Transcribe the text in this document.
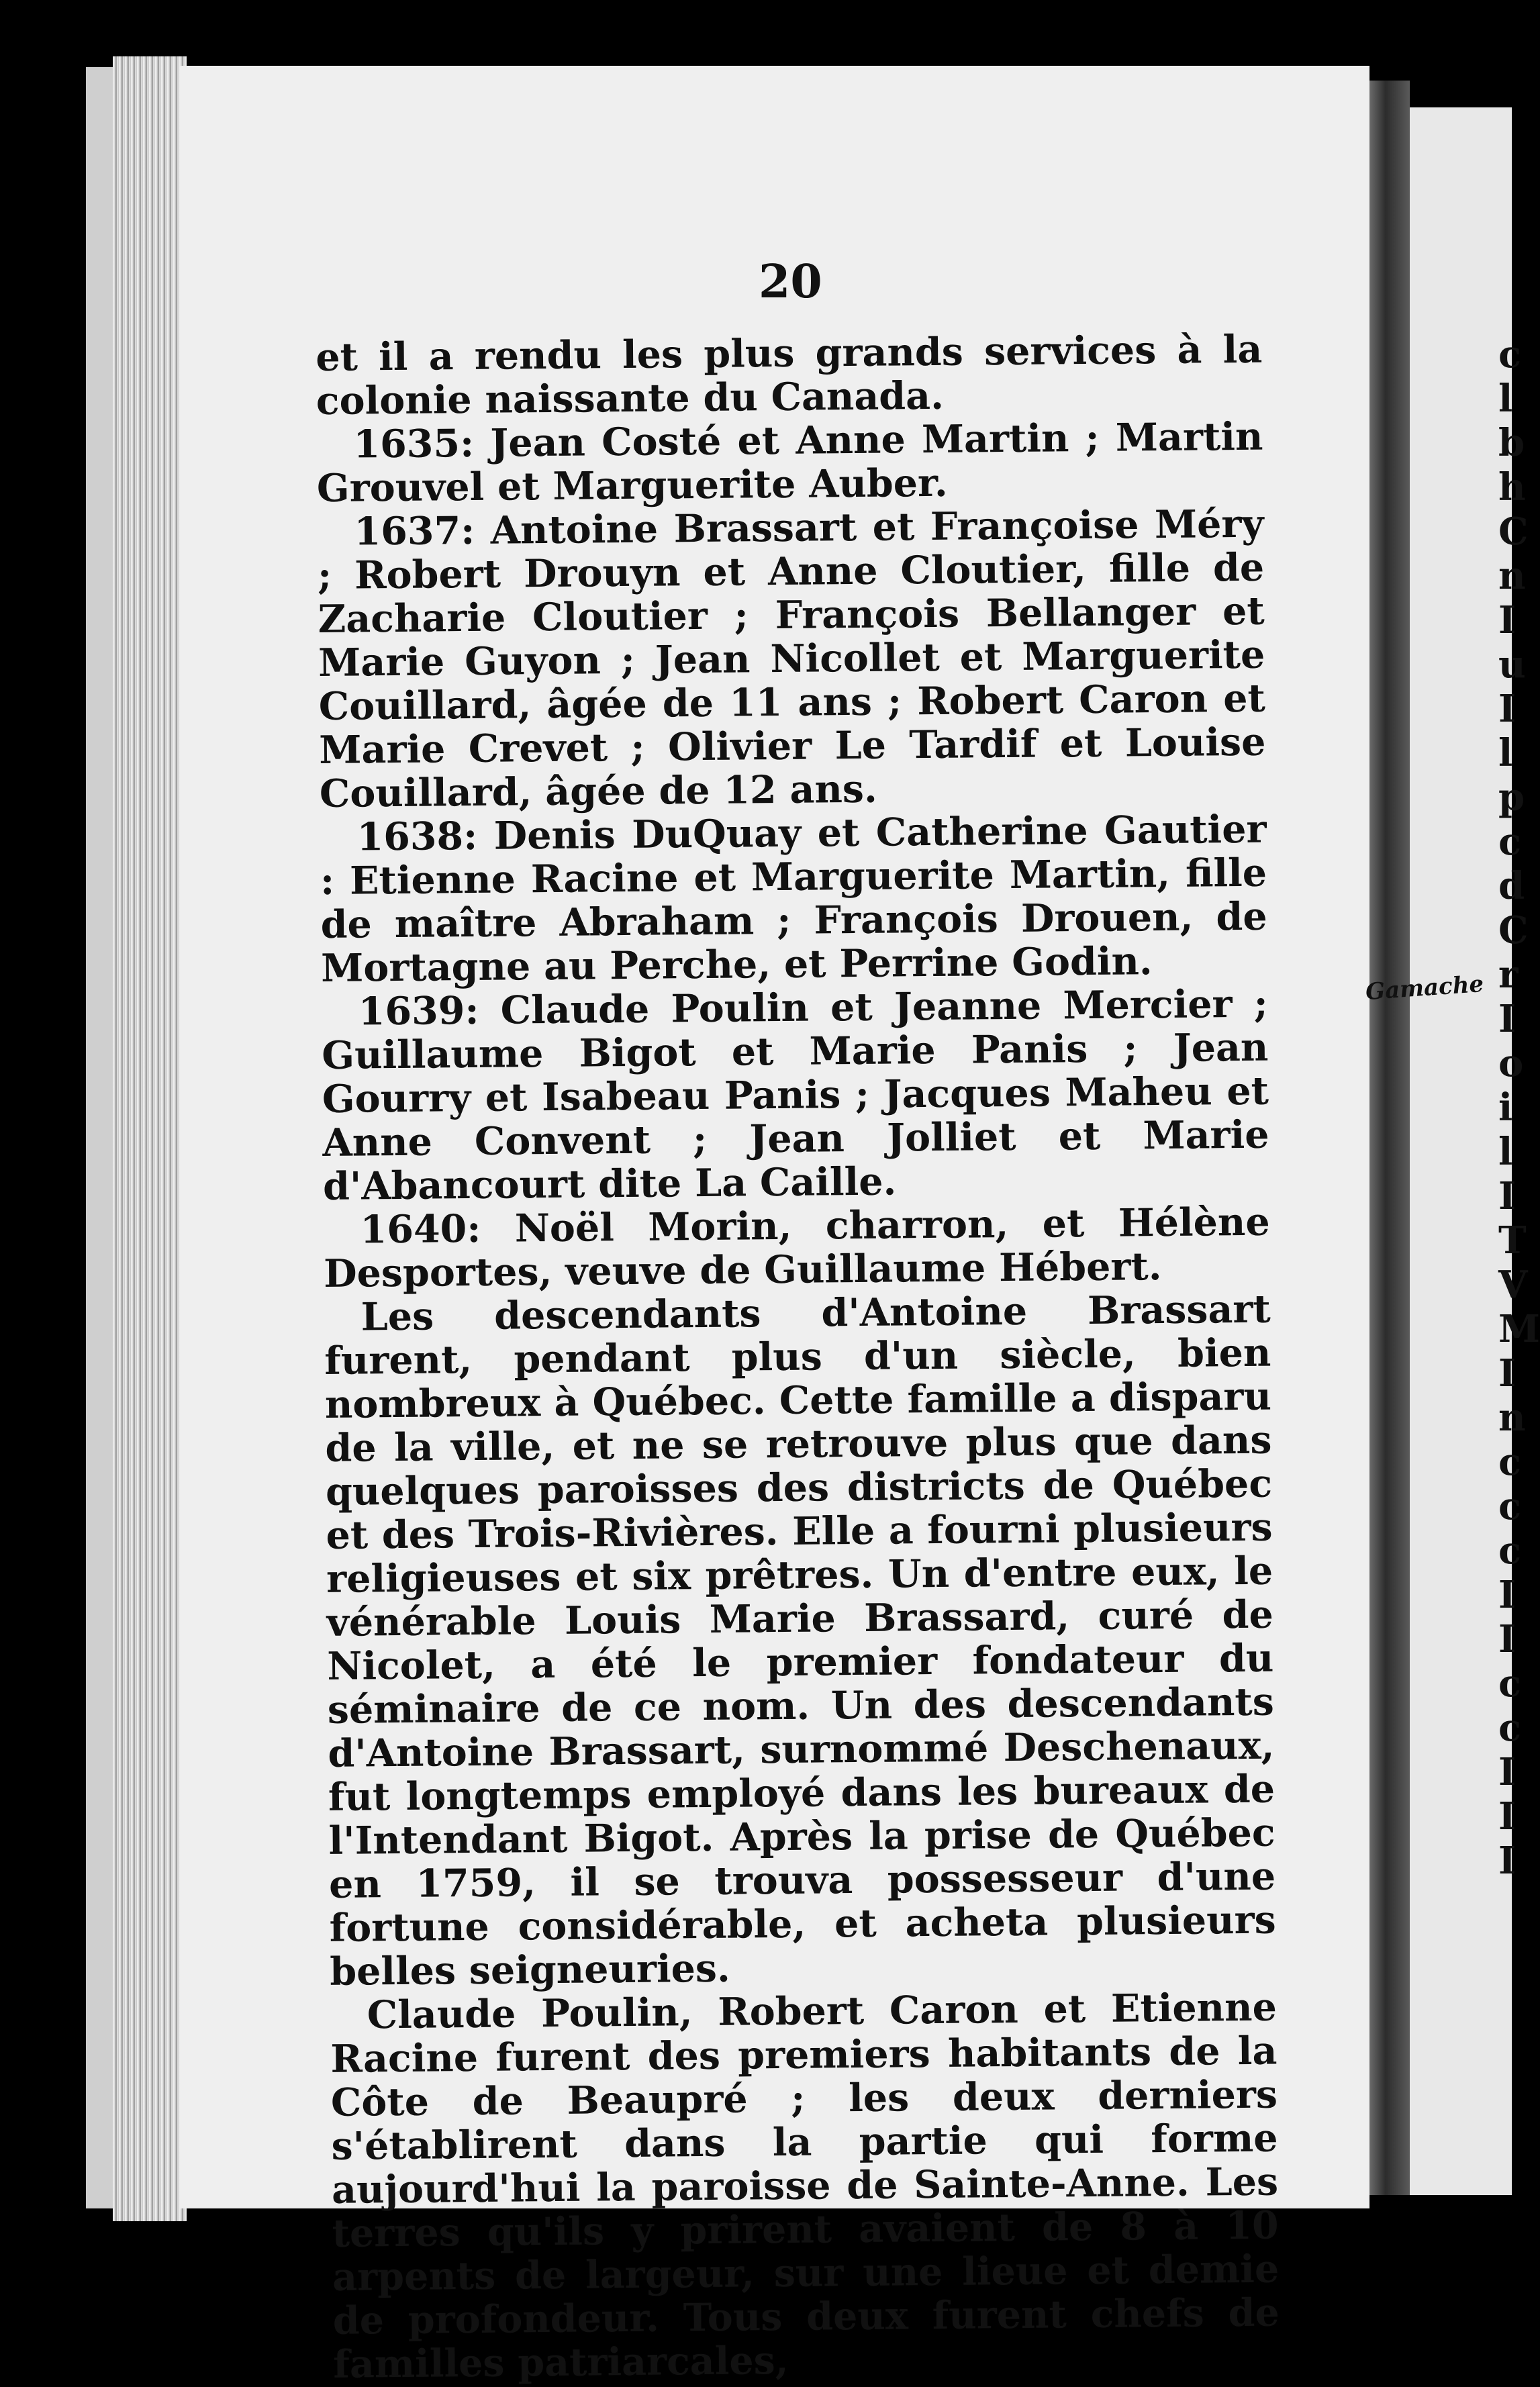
20

et il a rendu les plus grands services à la colonie naissante du Canada.

1635: Jean Costé et Anne Martin ; Martin Grouvel et Marguerite Auber.

1637: Antoine Brassart et Françoise Méry ; Robert Drouyn et Anne Cloutier, fille de Zacharie Cloutier ; François Bellanger et Marie Guyon ; Jean Nicollet et Marguerite Couillard, âgée de 11 ans ; Robert Caron et Marie Crevet ; Olivier Le Tardif et Louise Couillard, âgée de 12 ans.

1638: Denis DuQuay et Catherine Gautier : Etienne Racine et Marguerite Martin, fille de maître Abraham ; François Drouen, de Mortagne au Perche, et Perrine Godin.

1639: Claude Poulin et Jeanne Mercier ; Guillaume Bigot et Marie Panis ; Jean Gourry et Isabeau Panis ; Jacques Maheu et Anne Convent ; Jean Jolliet et Marie d'Abancourt dite La Caille.

1640: Noël Morin, charron, et Hélène Desportes, veuve de Guillaume Hébert.

Les descendants d'Antoine Brassart furent, pendant plus d'un siècle, bien nombreux à Québec. Cette famille a disparu de la ville, et ne se retrouve plus que dans quelques paroisses des districts de Québec et des Trois-Rivières. Elle a fourni plusieurs religieuses et six prêtres. Un d'entre eux, le vénérable Louis Marie Brassard, curé de Nicolet, a été le premier fondateur du séminaire de ce nom. Un des descendants d'Antoine Brassart, surnommé Deschenaux, fut longtemps employé dans les bureaux de l'Intendant Bigot. Après la prise de Québec en 1759, il se trouva possesseur d'une fortune considérable, et acheta plusieurs belles seigneuries.

Claude Poulin, Robert Caron et Etienne Racine furent des premiers habitants de la Côte de Beaupré ; les deux derniers s'établirent dans la partie qui forme aujourd'hui la paroisse de Sainte-Anne. Les terres qu'ils y prirent avaient de 8 à 10 arpents de largeur, sur une lieue et demie de profondeur. Tous deux furent chefs de familles patriarcales,

c
l
b
h
C
n
I
u
I
l
p
c
d
C
r
I
o
i
l
I
T
V
M
I
n
c
c
c
I
I
c
c
I
I
I
Gamache
